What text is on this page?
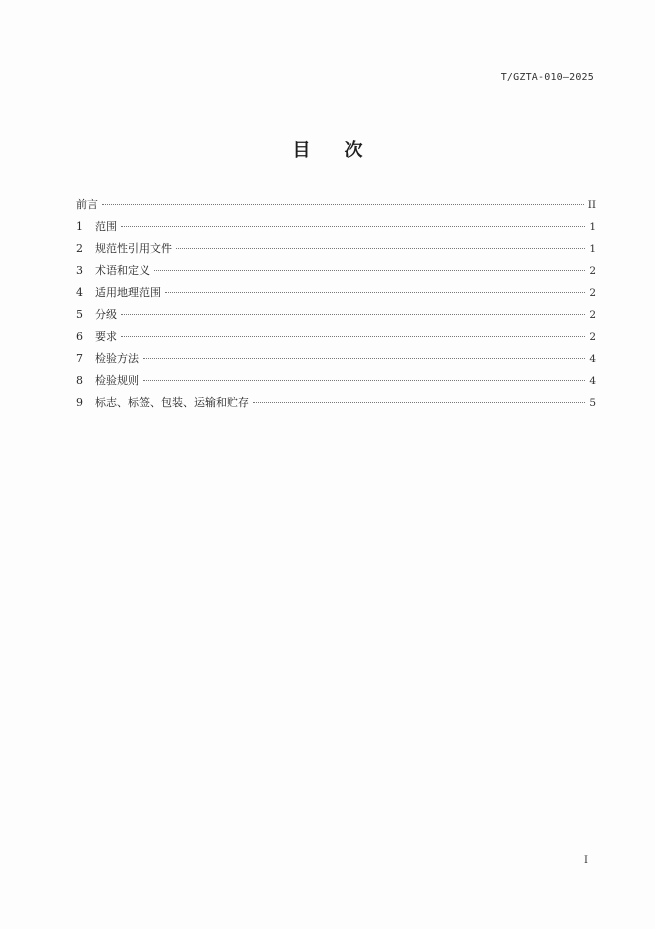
T/GZTA-010—2025
目 次
前言	II
1	范围	1
2	规范性引用文件	1
3	术语和定义	2
4	适用地理范围	2
5	分级	2
6	要求	2
7	检验方法	4
8	检验规则	4
9	标志、标签、包装、运输和贮存	5
I
